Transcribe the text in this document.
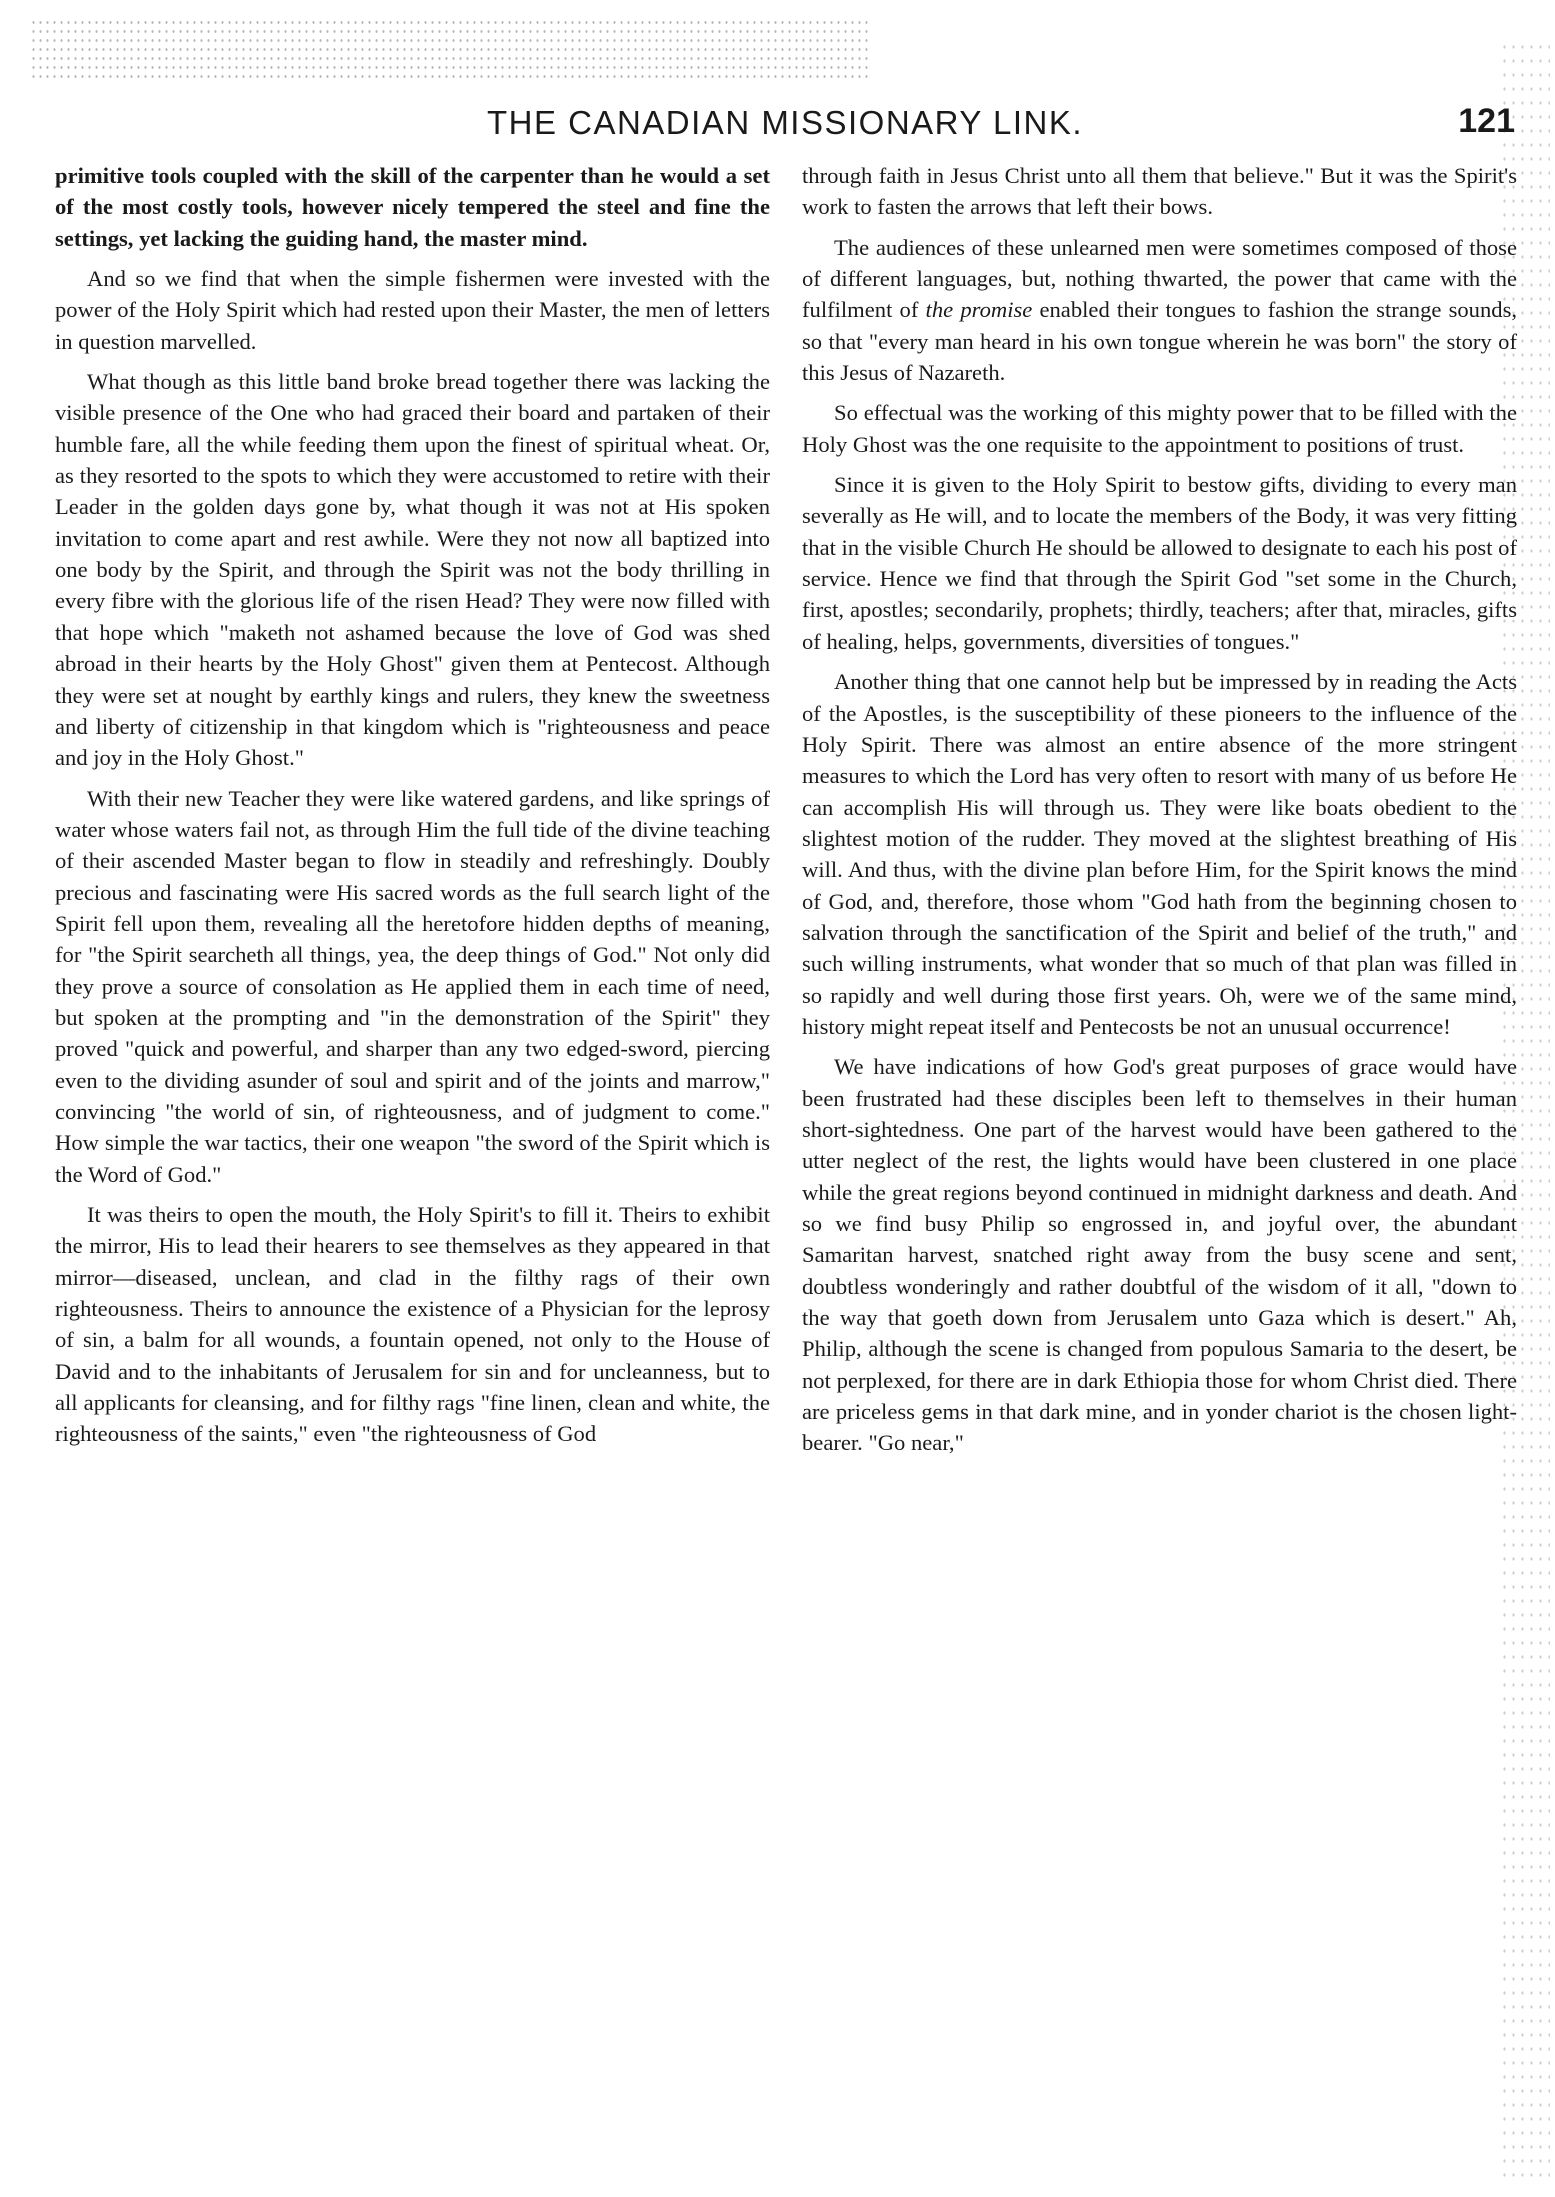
THE CANADIAN MISSIONARY LINK.	121

primitive tools coupled with the skill of the carpenter than he would a set of the most costly tools, however nicely tempered the steel and fine the settings, yet lacking the guiding hand, the master mind.

And so we find that when the simple fishermen were invested with the power of the Holy Spirit which had rested upon their Master, the men of letters in question marvelled.

What though as this little band broke bread together there was lacking the visible presence of the One who had graced their board and partaken of their humble fare, all the while feeding them upon the finest of spiritual wheat. Or, as they resorted to the spots to which they were accustomed to retire with their Leader in the golden days gone by, what though it was not at His spoken invitation to come apart and rest awhile. Were they not now all baptized into one body by the Spirit, and through the Spirit was not the body thrilling in every fibre with the glorious life of the risen Head? They were now filled with that hope which "maketh not ashamed because the love of God was shed abroad in their hearts by the Holy Ghost" given them at Pentecost. Although they were set at nought by earthly kings and rulers, they knew the sweetness and liberty of citizenship in that kingdom which is "righteousness and peace and joy in the Holy Ghost."

With their new Teacher they were like watered gardens, and like springs of water whose waters fail not, as through Him the full tide of the divine teaching of their ascended Master began to flow in steadily and refreshingly. Doubly precious and fascinating were His sacred words as the full search light of the Spirit fell upon them, revealing all the heretofore hidden depths of meaning, for "the Spirit searcheth all things, yea, the deep things of God." Not only did they prove a source of consolation as He applied them in each time of need, but spoken at the prompting and "in the demonstration of the Spirit" they proved "quick and powerful, and sharper than any two edged-sword, piercing even to the dividing asunder of soul and spirit and of the joints and marrow," convincing "the world of sin, of righteousness, and of judgment to come." How simple the war tactics, their one weapon "the sword of the Spirit which is the Word of God."

It was theirs to open the mouth, the Holy Spirit's to fill it. Theirs to exhibit the mirror, His to lead their hearers to see themselves as they appeared in that mirror—diseased, unclean, and clad in the filthy rags of their own righteousness. Theirs to announce the existence of a Physician for the leprosy of sin, a balm for all wounds, a fountain opened, not only to the House of David and to the inhabitants of Jerusalem for sin and for uncleanness, but to all applicants for cleansing, and for filthy rags "fine linen, clean and white, the righteousness of the saints," even "the righteousness of God

through faith in Jesus Christ unto all them that believe." But it was the Spirit's work to fasten the arrows that left their bows.

The audiences of these unlearned men were sometimes composed of those of different languages, but, nothing thwarted, the power that came with the fulfilment of the promise enabled their tongues to fashion the strange sounds, so that "every man heard in his own tongue wherein he was born" the story of this Jesus of Nazareth.

So effectual was the working of this mighty power that to be filled with the Holy Ghost was the one requisite to the appointment to positions of trust.

Since it is given to the Holy Spirit to bestow gifts, dividing to every man severally as He will, and to locate the members of the Body, it was very fitting that in the visible Church He should be allowed to designate to each his post of service. Hence we find that through the Spirit God "set some in the Church, first, apostles; secondarily, prophets; thirdly, teachers; after that, miracles, gifts of healing, helps, governments, diversities of tongues."

Another thing that one cannot help but be impressed by in reading the Acts of the Apostles, is the susceptibility of these pioneers to the influence of the Holy Spirit. There was almost an entire absence of the more stringent measures to which the Lord has very often to resort with many of us before He can accomplish His will through us. They were like boats obedient to the slightest motion of the rudder. They moved at the slightest breathing of His will. And thus, with the divine plan before Him, for the Spirit knows the mind of God, and, therefore, those whom "God hath from the beginning chosen to salvation through the sanctification of the Spirit and belief of the truth," and such willing instruments, what wonder that so much of that plan was filled in so rapidly and well during those first years. Oh, were we of the same mind, history might repeat itself and Pentecosts be not an unusual occurrence!

We have indications of how God's great purposes of grace would have been frustrated had these disciples been left to themselves in their human short-sightedness. One part of the harvest would have been gathered to the utter neglect of the rest, the lights would have been clustered in one place while the great regions beyond continued in midnight darkness and death. And so we find busy Philip so engrossed in, and joyful over, the abundant Samaritan harvest, snatched right away from the busy scene and sent, doubtless wonderingly and rather doubtful of the wisdom of it all, "down to the way that goeth down from Jerusalem unto Gaza which is desert." Ah, Philip, although the scene is changed from populous Samaria to the desert, be not perplexed, for there are in dark Ethiopia those for whom Christ died. There are priceless gems in that dark mine, and in yonder chariot is the chosen light-bearer. "Go near,"
